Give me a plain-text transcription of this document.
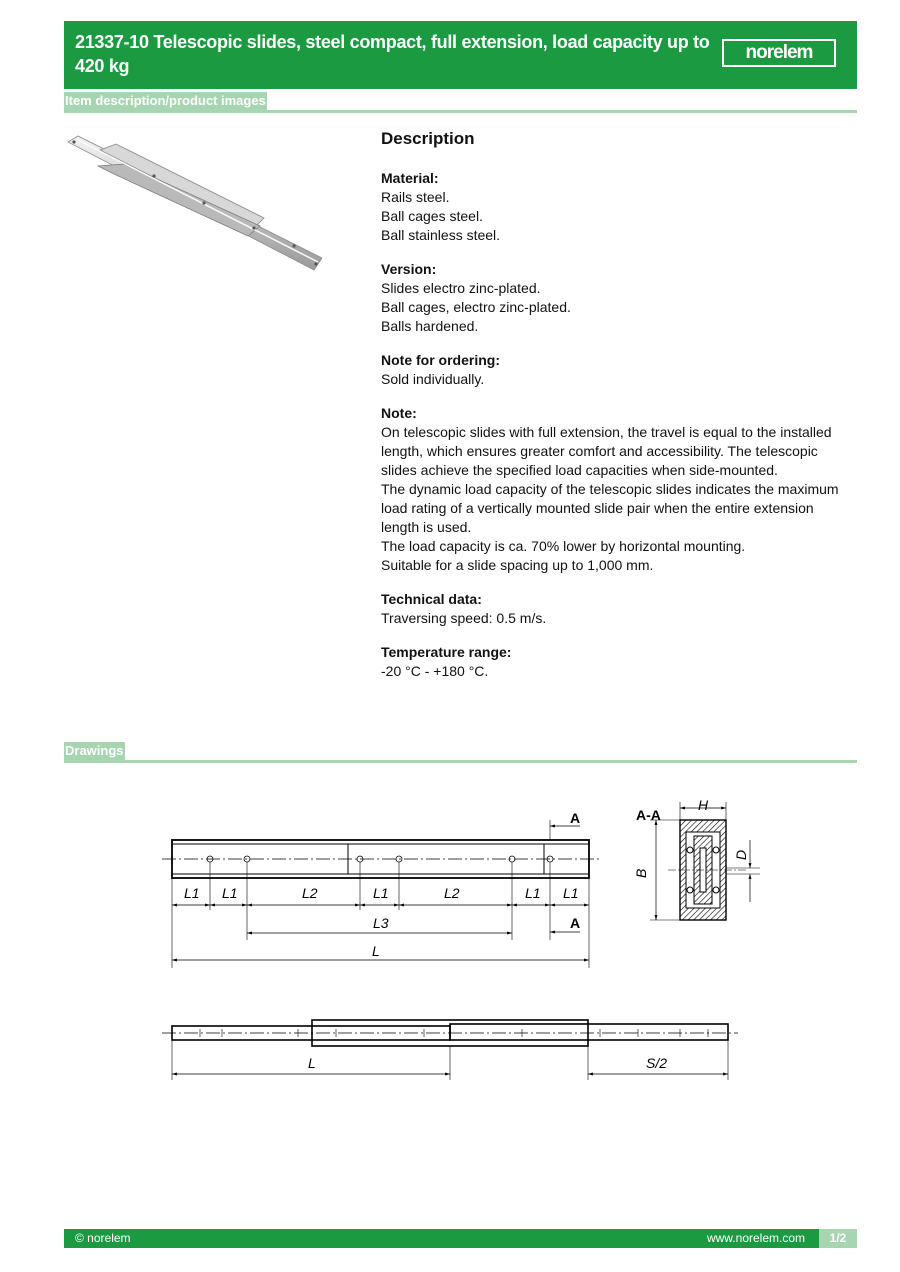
21337-10 Telescopic slides, steel compact, full extension, load capacity up to 420 kg
norelem
Item description/product images
Description
Material:

Rails steel.

Ball cages steel.

Ball stainless steel.

Version:

Slides electro zinc-plated.

Ball cages, electro zinc-plated.

Balls hardened.

Note for ordering:

Sold individually.

Note:

On telescopic slides with full extension, the travel is equal to the installed length, which ensures greater comfort and accessibility. The telescopic slides achieve the specified load capacities when side-mounted.

The dynamic load capacity of the telescopic slides indicates the maximum load rating of a vertically mounted slide pair when the entire extension length is used.

The load capacity is ca. 70% lower by horizontal mounting.

Suitable for a slide spacing up to 1,000 mm.

Technical data:

Traversing speed: 0.5 m/s.

Temperature range:

-20 °C - +180 °C.

Drawings
L1 L1	L2	L1	L2	L1 L1
L3
L
L	S/2
H
B
D
A
A
A-A
© norelem	www.norelem.com	1/2
